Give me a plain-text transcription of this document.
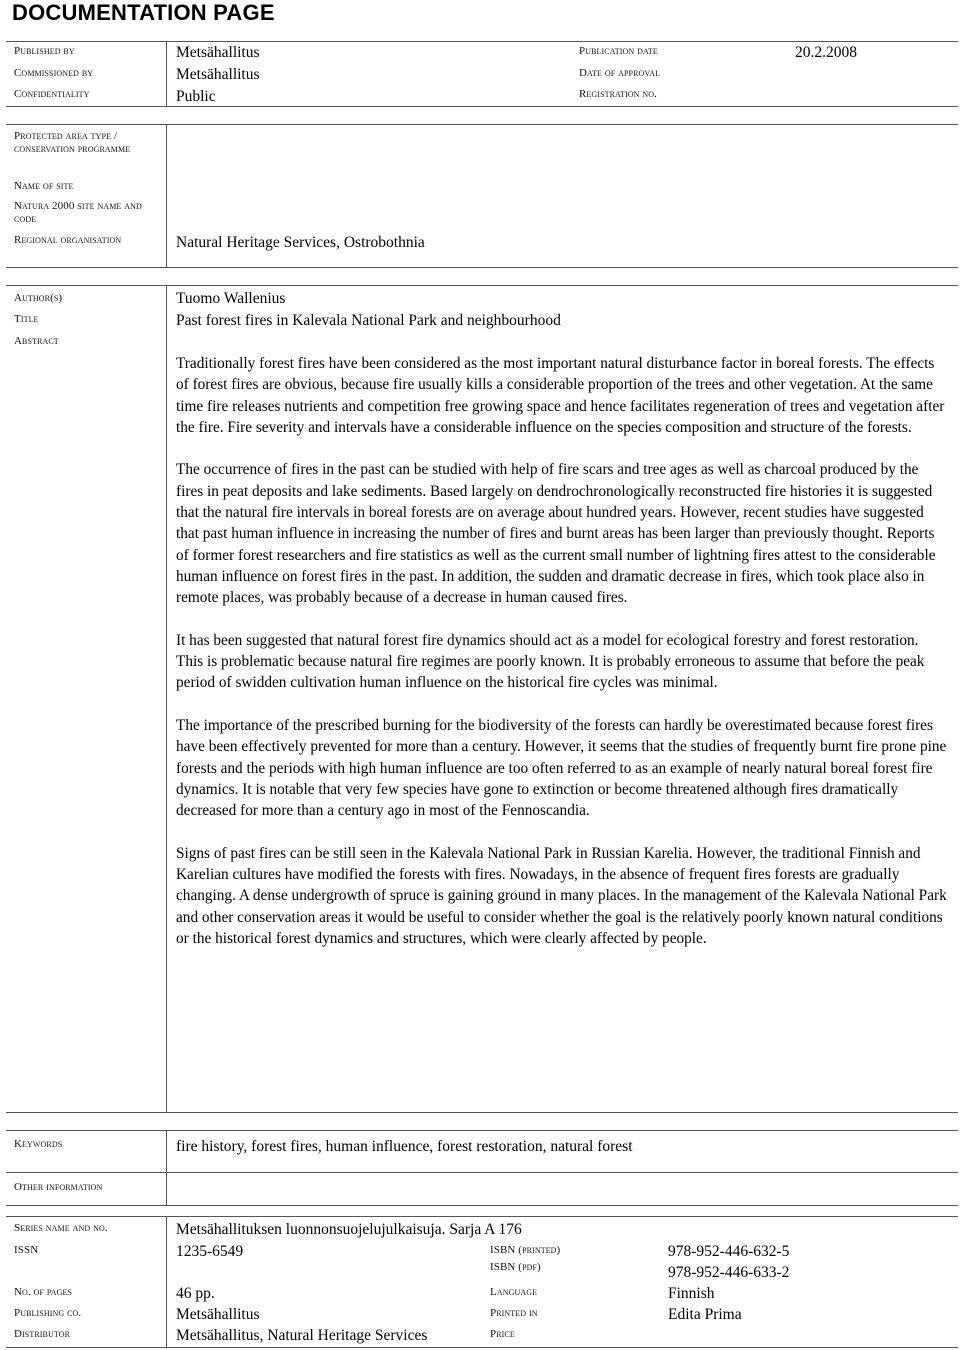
DOCUMENTATION PAGE
Published by	Metsähallitus	Publication date	20.2.2008
Commissioned by	Metsähallitus	Date of approval
Confidentiality	Public	Registration no.
Protected area type / conservation programme
Name of site
Natura 2000 site name and code
Regional organisation	Natural Heritage Services, Ostrobothnia
Author(s)	Tuomo Wallenius
Title	Past forest fires in Kalevala National Park and neighbourhood
Abstract

Traditionally forest fires have been considered as the most important natural disturbance factor in boreal forests. The effects of forest fires are obvious, because fire usually kills a considerable proportion of the trees and other vegetation. At the same time fire releases nutrients and competition free growing space and hence facilitates regeneration of trees and vegetation after the fire. Fire severity and intervals have a considerable influence on the species composition and structure of the forests.

The occurrence of fires in the past can be studied with help of fire scars and tree ages as well as charcoal produced by the fires in peat deposits and lake sediments. Based largely on dendrochronologically reconstructed fire histories it is suggested that the natural fire intervals in boreal forests are on average about hundred years. However, recent studies have suggested that past human influence in increasing the number of fires and burnt areas has been larger than previously thought. Reports of former forest researchers and fire statistics as well as the current small number of lightning fires attest to the considerable human influence on forest fires in the past. In addition, the sudden and dramatic decrease in fires, which took place also in remote places, was probably because of a decrease in human caused fires.

It has been suggested that natural forest fire dynamics should act as a model for ecological forestry and forest restoration. This is problematic because natural fire regimes are poorly known. It is probably erroneous to assume that before the peak period of swidden cultivation human influence on the historical fire cycles was minimal.

The importance of the prescribed burning for the biodiversity of the forests can hardly be overestimated because forest fires have been effectively prevented for more than a century. However, it seems that the studies of frequently burnt fire prone pine forests and the periods with high human influence are too often referred to as an example of nearly natural boreal forest fire dynamics. It is notable that very few species have gone to extinction or become threatened although fires dramatically decreased for more than a century ago in most of the Fennoscandia.

Signs of past fires can be still seen in the Kalevala National Park in Russian Karelia. However, the traditional Finnish and Karelian cultures have modified the forests with fires. Nowadays, in the absence of frequent fires forests are gradually changing. A dense undergrowth of spruce is gaining ground in many places. In the management of the Kalevala National Park and other conservation areas it would be useful to consider whether the goal is the relatively poorly known natural conditions or the historical forest dynamics and structures, which were clearly affected by people.

Keywords	fire history, forest fires, human influence, forest restoration, natural forest
Other information
Series name and no.	Metsähallituksen luonnonsuojelujulkaisuja. Sarja A 176
ISSN	1235-6549	ISBN (printed)	978-952-446-632-5
ISBN (pdf)	978-952-446-633-2
No. of pages	46 pp.	Language	Finnish
Publishing co.	Metsähallitus	Printed in	Edita Prima
Distributor	Metsähallitus, Natural Heritage Services	Price
